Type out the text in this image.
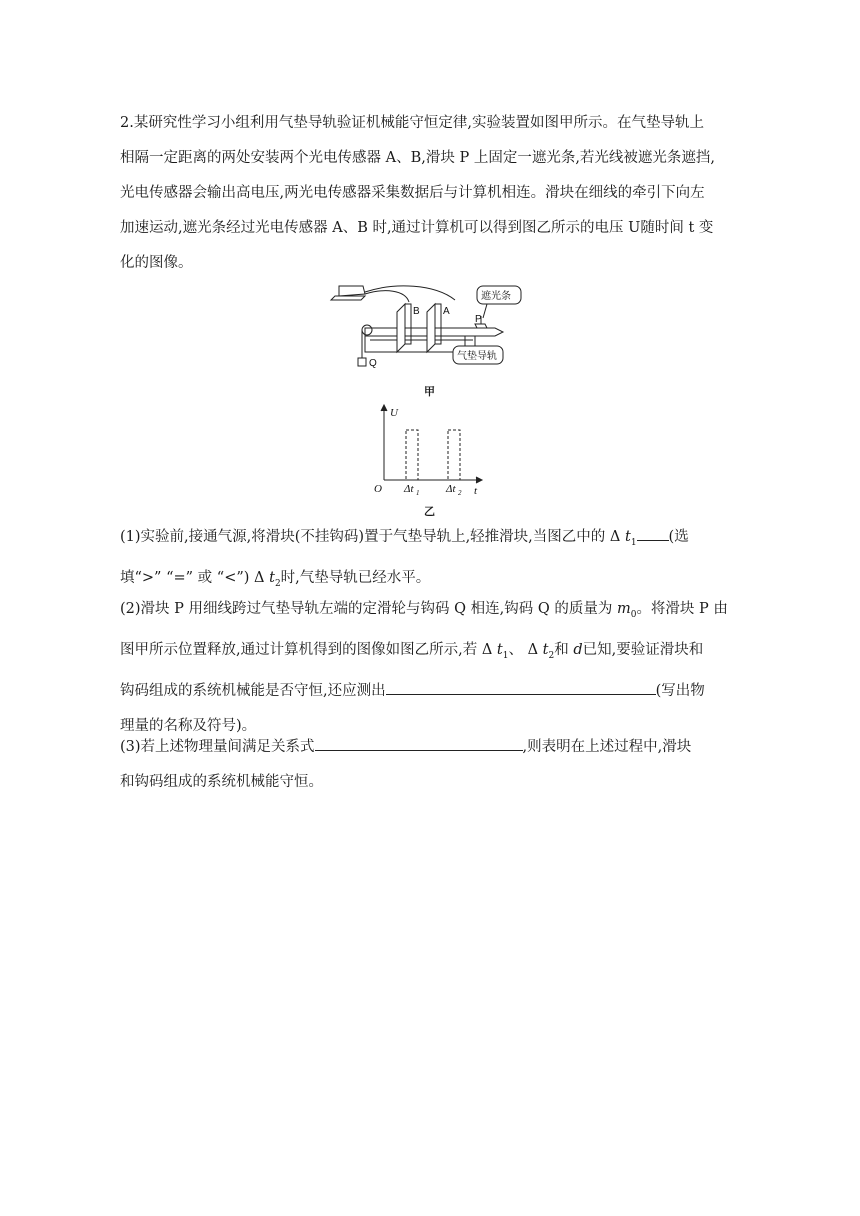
2.某研究性学习小组利用气垫导轨验证机械能守恒定律,实验装置如图甲所示。在气垫导轨上

相隔一定距离的两处安装两个光电传感器 A、B,滑块 P 上固定一遮光条,若光线被遮光条遮挡,

光电传感器会输出高电压,两光电传感器采集数据后与计算机相连。滑块在细线的牵引下向左

加速运动,遮光条经过光电传感器 A、B 时,通过计算机可以得到图乙所示的电压 U随时间 t 变

化的图像。

B A
P
Q
遮光条
气垫导轨
甲
U
O	t
Δt 1 Δt 2
乙

(1)实验前,接通气源,将滑块(不挂钩码)置于气垫导轨上,轻推滑块,当图乙中的 Δ $t_1$ (选

填“>” “=” 或 “<”) Δ $t_2$时,气垫导轨已经水平。

(2)滑块 P 用细线跨过气垫导轨左端的定滑轮与钩码 Q 相连,钩码 Q 的质量为 $m_0$。将滑块 P 由

图甲所示位置释放,通过计算机得到的图像如图乙所示,若 Δ $t_1$、 Δ $t_2$和 d已知,要验证滑块和

钩码组成的系统机械能是否守恒,还应测出	(写出物

理量的名称及符号)。

(3)若上述物理量间满足关系式	,则表明在上述过程中,滑块

和钩码组成的系统机械能守恒。
